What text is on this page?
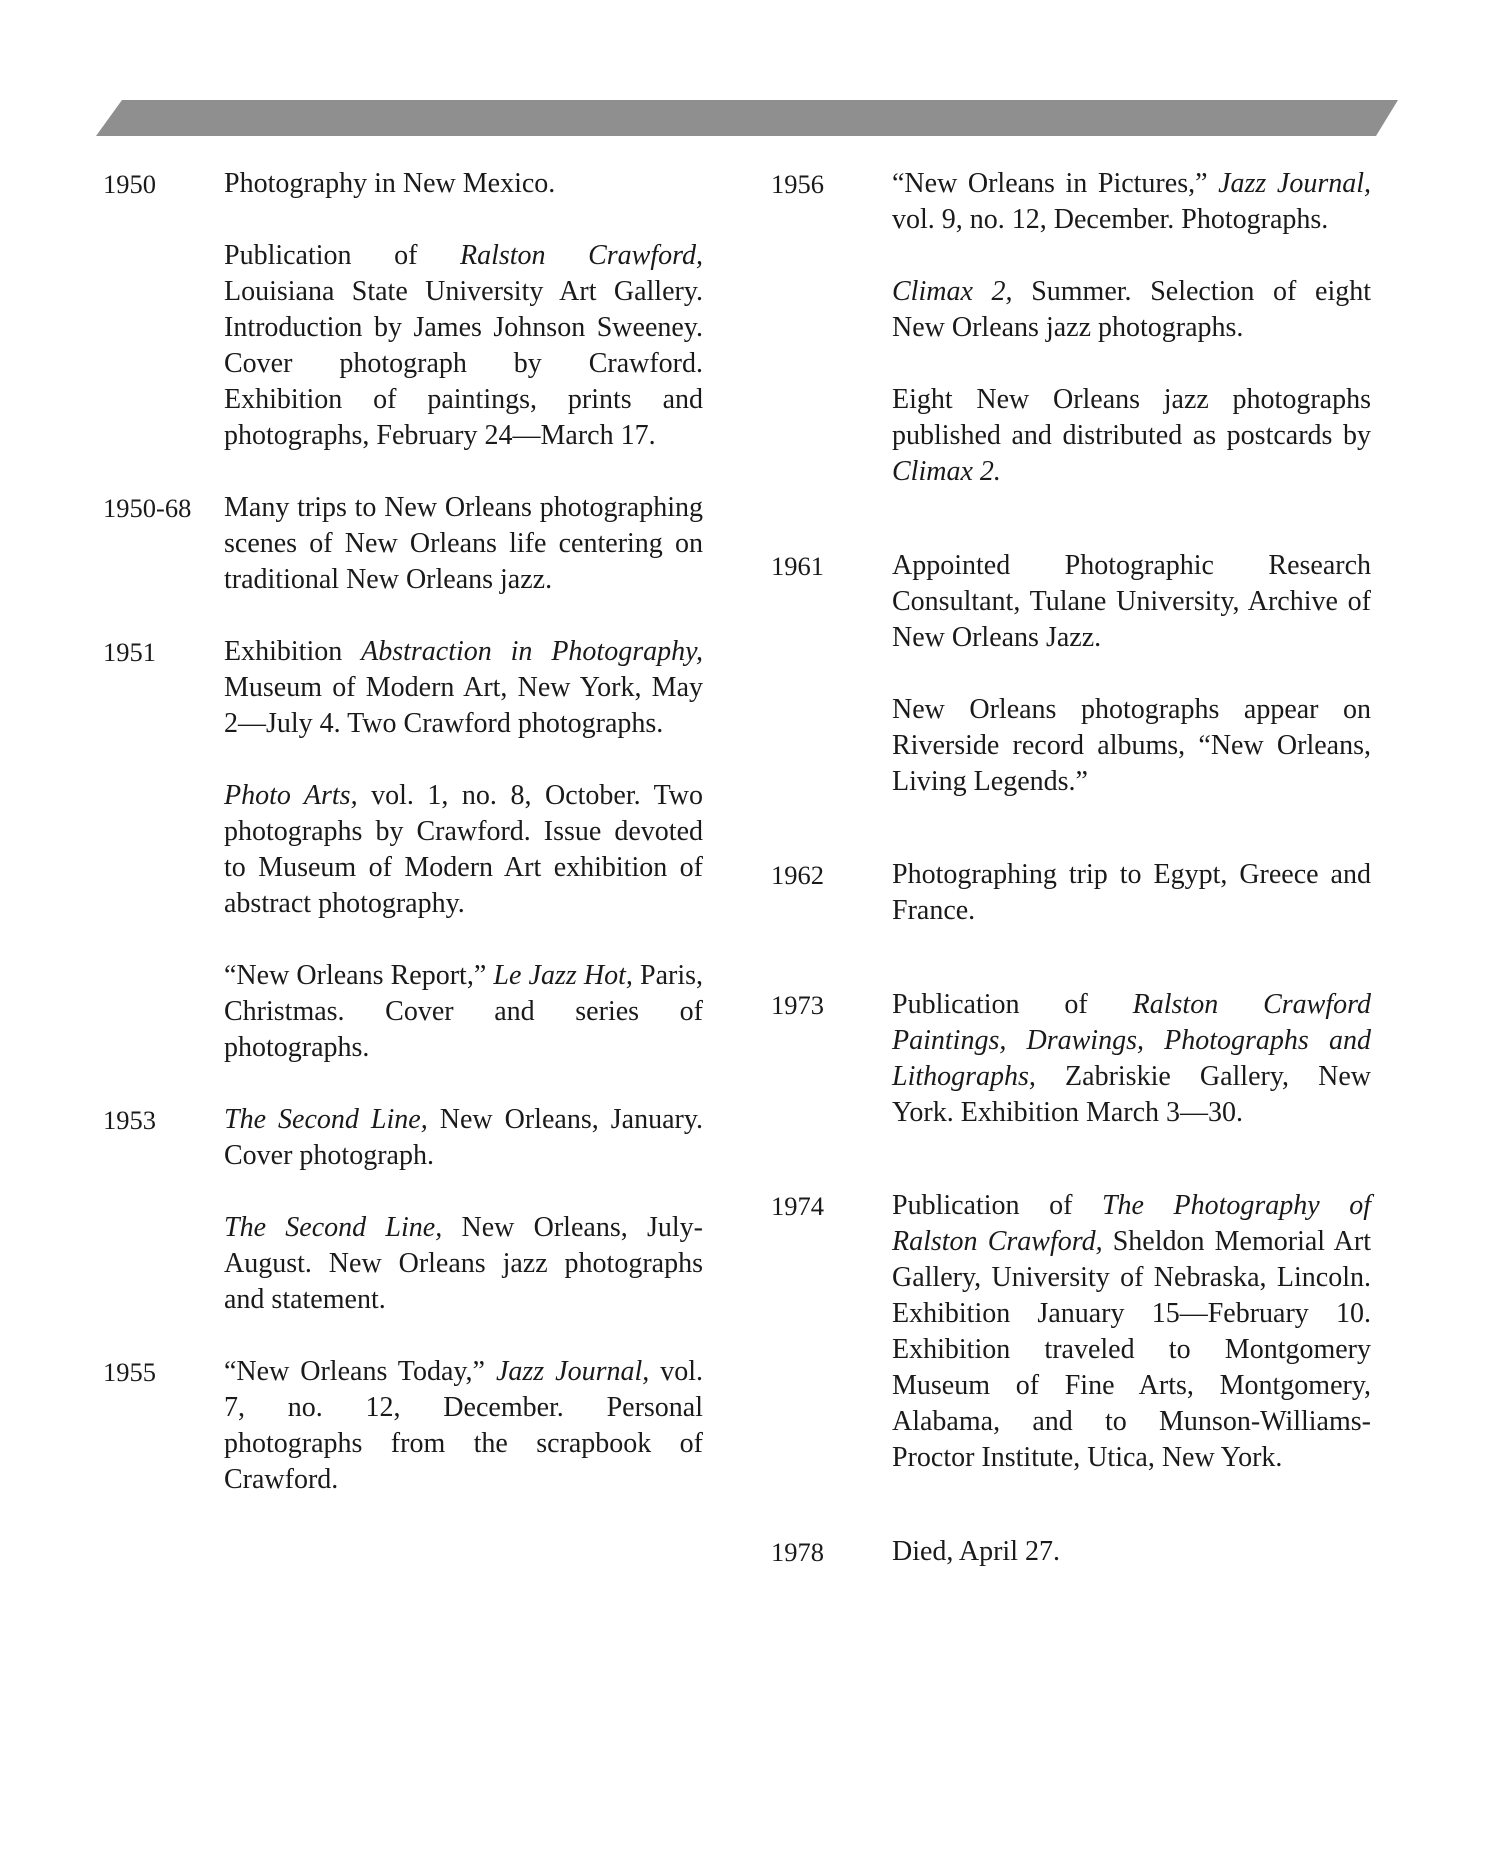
1950	Photography in New Mexico.

Publication of Ralston Crawford, Louisiana State University Art Gallery. Introduction by James Johnson Sweeney. Cover photograph by Crawford. Exhibition of paintings, prints and photographs, February 24—March 17.

1950-68	Many trips to New Orleans photographing scenes of New Orleans life centering on traditional New Orleans jazz.

1951	Exhibition Abstraction in Photography, Museum of Modern Art, New York, May 2—July 4. Two Crawford photographs.

Photo Arts, vol. 1, no. 8, October. Two photographs by Crawford. Issue devoted to Museum of Modern Art exhibition of abstract photography.

“New Orleans Report,” Le Jazz Hot, Paris, Christmas. Cover and series of photographs.

1953	The Second Line, New Orleans, January. Cover photograph.

The Second Line, New Orleans, July-August. New Orleans jazz photographs and statement.

1955	“New Orleans Today,” Jazz Journal, vol. 7, no. 12, December. Personal photographs from the scrapbook of Crawford.

1956	“New Orleans in Pictures,” Jazz Journal, vol. 9, no. 12, December. Photographs.

Climax 2, Summer. Selection of eight New Orleans jazz photographs.

Eight New Orleans jazz photographs published and distributed as postcards by Climax 2.

1961	Appointed Photographic Research Consultant, Tulane University, Archive of New Orleans Jazz.

New Orleans photographs appear on Riverside record albums, “New Orleans, Living Legends.”

1962	Photographing trip to Egypt, Greece and France.

1973	Publication of Ralston Crawford Paintings, Drawings, Photographs and Lithographs, Zabriskie Gallery, New York. Exhibition March 3—30.

1974	Publication of The Photography of Ralston Crawford, Sheldon Memorial Art Gallery, University of Nebraska, Lincoln. Exhibition January 15—February 10. Exhibition traveled to Montgomery Museum of Fine Arts, Montgomery, Alabama, and to Munson-Williams-Proctor Institute, Utica, New York.

1978	Died, April 27.
